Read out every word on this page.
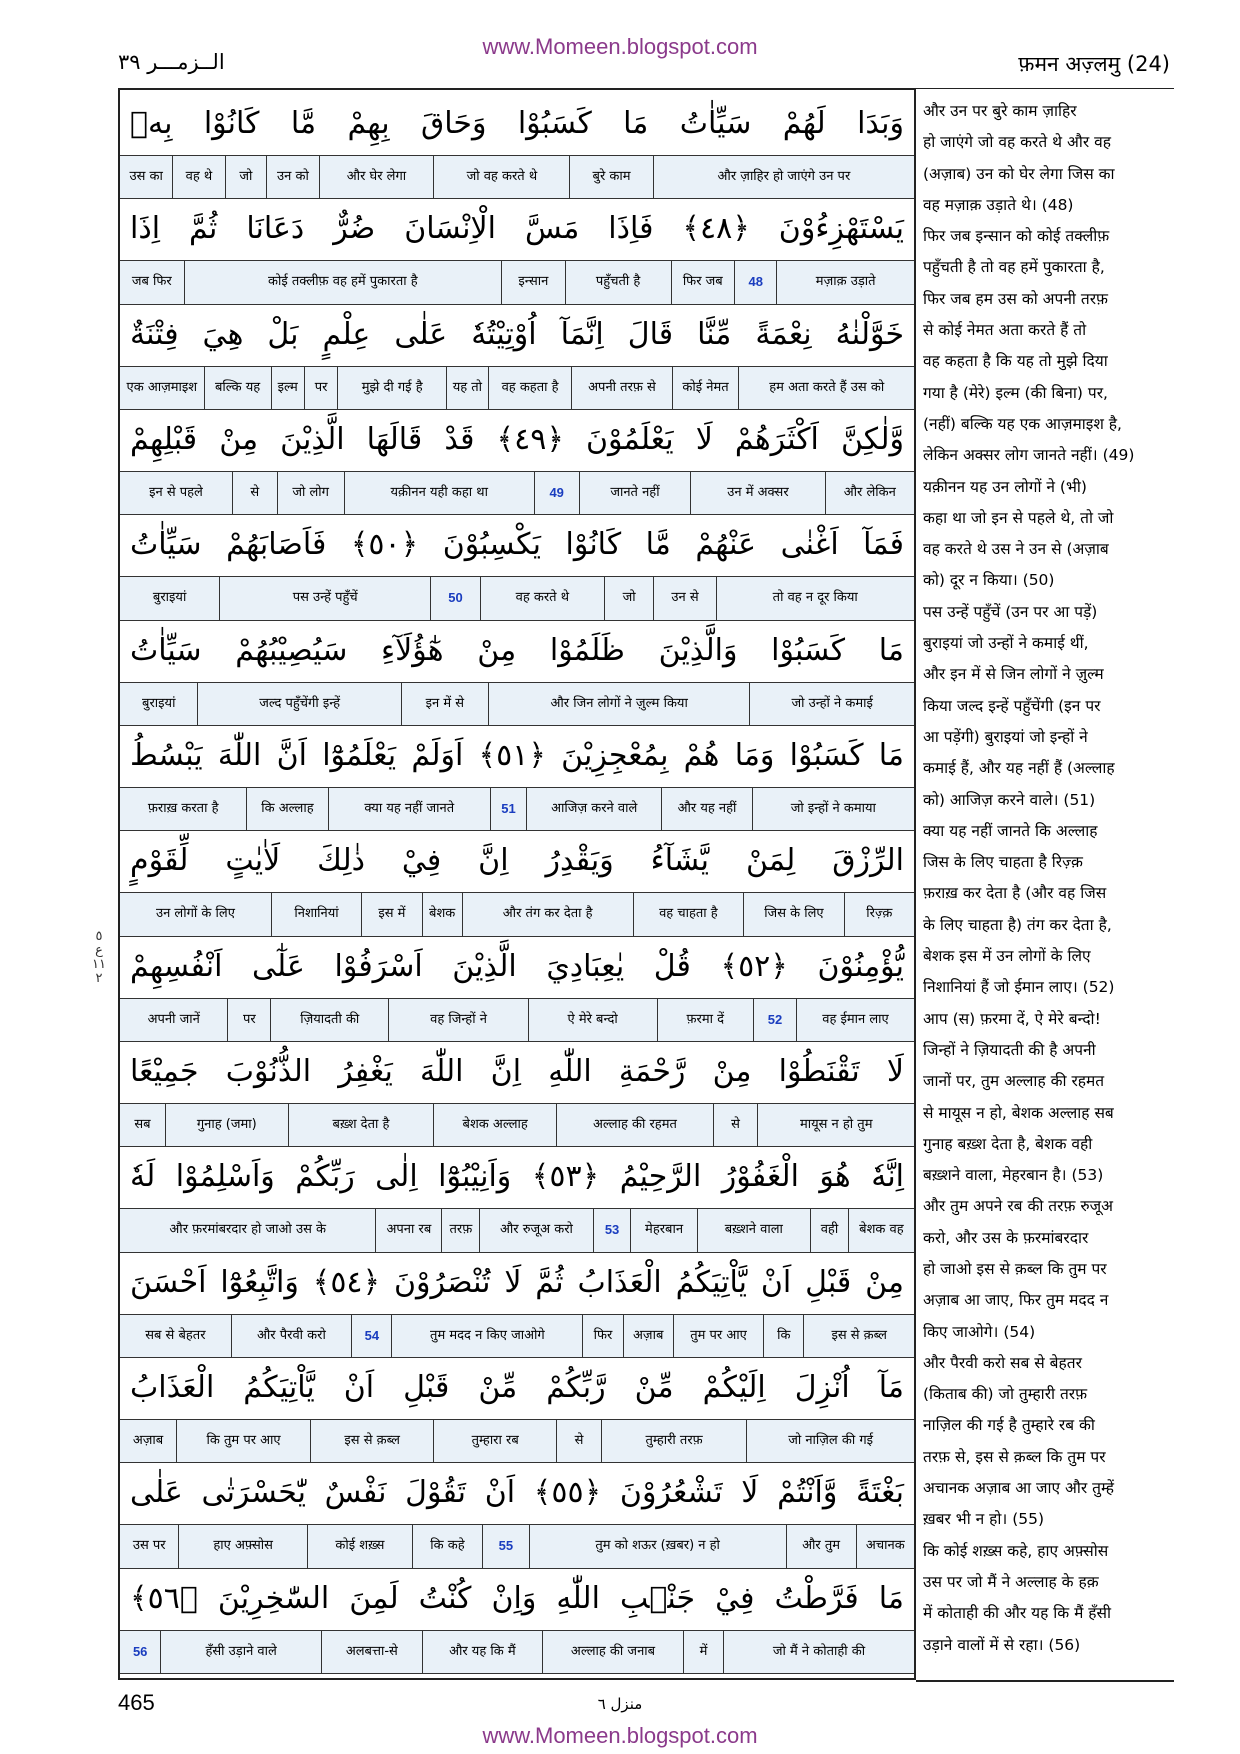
www.Momeen.blogspot.com
الــزمـــر ٣٩	फ़मन अज़्लमु (24)
وَبَدَا لَهُمْ سَيِّاٰتُ مَا كَسَبُوْا وَحَاقَ بِهِمْ مَّا كَانُوْا بِهٖ
और ज़ाहिर हो जाएंगे उन पर
बुरे काम
जो वह करते थे
और घेर लेगा
उन को
जो
वह थे
उस का
يَسْتَهْزِءُوْنَ ﴿٤٨﴾ فَاِذَا مَسَّ الْاِنْسَانَ ضُرٌّ دَعَانَا ثُمَّ اِذَا
मज़ाक़ उड़ाते
48
फिर जब
पहुँचती है
इन्सान
कोई तक्लीफ़ वह हमें पुकारता है
जब फिर
خَوَّلْنٰهُ نِعْمَةً مِّنَّا قَالَ اِنَّمَآ اُوْتِيْتُهٗ عَلٰى عِلْمٍ بَلْ هِيَ فِتْنَةٌ
हम अता करते हैं उस को
कोई नेमत
अपनी तरफ़ से
वह कहता है
यह तो
मुझे दी गई है
पर
इल्म
बल्कि यह
एक आज़माइश
وَّلٰكِنَّ اَكْثَرَهُمْ لَا يَعْلَمُوْنَ ﴿٤٩﴾ قَدْ قَالَهَا الَّذِيْنَ مِنْ قَبْلِهِمْ
और लेकिन
उन में अक्सर
जानते नहीं
49
यक़ीनन यही कहा था
जो लोग
से
इन से पहले
فَمَآ اَغْنٰى عَنْهُمْ مَّا كَانُوْا يَكْسِبُوْنَ ﴿٥٠﴾ فَاَصَابَهُمْ سَيِّاٰتُ
तो वह न दूर किया
उन से
जो
वह करते थे
50
पस उन्हें पहुँचें
बुराइयां
مَا كَسَبُوْا وَالَّذِيْنَ ظَلَمُوْا مِنْ هٰٓؤُلَآءِ سَيُصِيْبُهُمْ سَيِّاٰتُ
जो उन्हों ने कमाई
और जिन लोगों ने ज़ुल्म किया
इन में से
जल्द पहुँचेंगी इन्हें
बुराइयां
مَا كَسَبُوْا وَمَا هُمْ بِمُعْجِزِيْنَ ﴿٥١﴾ اَوَلَمْ يَعْلَمُوْٓا اَنَّ اللّٰهَ يَبْسُطُ
जो इन्हों ने कमाया
और यह नहीं
आजिज़ करने वाले
51
क्या यह नहीं जानते
कि अल्लाह
फ़राख़ करता है
الرِّزْقَ لِمَنْ يَّشَآءُ وَيَقْدِرُ اِنَّ فِيْ ذٰلِكَ لَاٰيٰتٍ لِّقَوْمٍ
रिज़्क़
जिस के लिए
वह चाहता है
और तंग कर देता है
बेशक
इस में
निशानियां
उन लोगों के लिए
يُّؤْمِنُوْنَ ﴿٥٢﴾ قُلْ يٰعِبَادِيَ الَّذِيْنَ اَسْرَفُوْا عَلٰٓى اَنْفُسِهِمْ
वह ईमान लाए
52
फ़रमा दें
ऐ मेरे बन्दो
वह जिन्हों ने
ज़ियादती की
पर
अपनी जानें
لَا تَقْنَطُوْا مِنْ رَّحْمَةِ اللّٰهِ اِنَّ اللّٰهَ يَغْفِرُ الذُّنُوْبَ جَمِيْعًا
मायूस न हो तुम
से
अल्लाह की रहमत
बेशक अल्लाह
बख़्श देता है
गुनाह (जमा)
सब
اِنَّهٗ هُوَ الْغَفُوْرُ الرَّحِيْمُ ﴿٥٣﴾ وَاَنِيْبُوْٓا اِلٰى رَبِّكُمْ وَاَسْلِمُوْا لَهٗ
बेशक वह
वही
बख़्शने वाला
मेहरबान
53
और रुजूअ करो
तरफ़
अपना रब
और फ़रमांबरदार हो जाओ उस के
مِنْ قَبْلِ اَنْ يَّاْتِيَكُمُ الْعَذَابُ ثُمَّ لَا تُنْصَرُوْنَ ﴿٥٤﴾ وَاتَّبِعُوْٓا اَحْسَنَ
इस से क़ब्ल
कि
तुम पर आए
अज़ाब
फिर
तुम मदद न किए जाओगे
54
और पैरवी करो
सब से बेहतर
مَآ اُنْزِلَ اِلَيْكُمْ مِّنْ رَّبِّكُمْ مِّنْ قَبْلِ اَنْ يَّاْتِيَكُمُ الْعَذَابُ
जो नाज़िल की गई
तुम्हारी तरफ़
से
तुम्हारा रब
इस से क़ब्ल
कि तुम पर आए
अज़ाब
بَغْتَةً وَّاَنْتُمْ لَا تَشْعُرُوْنَ ﴿٥٥﴾ اَنْ تَقُوْلَ نَفْسٌ يّٰحَسْرَتٰى عَلٰى
अचानक
और तुम
तुम को शऊर (ख़बर) न हो
55
कि कहे
कोई शख़्स
हाए अफ़्सोस
उस पर
مَا فَرَّطْتُ فِيْ جَنْۢبِ اللّٰهِ وَاِنْ كُنْتُ لَمِنَ السّٰخِرِيْنَ ﴿٥٦﴾
जो मैं ने कोताही की
में
अल्लाह की जनाब
और यह कि मैं
अलबत्ता-से
हँसी उड़ाने वाले
56
٥
ع
١١
٢
और उन पर बुरे काम ज़ाहिर
हो जाएंगे जो वह करते थे और वह
(अज़ाब) उन को घेर लेगा जिस का
वह मज़ाक़ उड़ाते थे। (48)
फिर जब इन्सान को कोई तक्लीफ़
पहुँचती है तो वह हमें पुकारता है,
फिर जब हम उस को अपनी तरफ़
से कोई नेमत अता करते हैं तो
वह कहता है कि यह तो मुझे दिया
गया है (मेरे) इल्म (की बिना) पर,
(नहीं) बल्कि यह एक आज़माइश है,
लेकिन अक्सर लोग जानते नहीं। (49)
यक़ीनन यह उन लोगों ने (भी)
कहा था जो इन से पहले थे, तो जो
वह करते थे उस ने उन से (अज़ाब
को) दूर न किया। (50)
पस उन्हें पहुँचें (उन पर आ पड़ें)
बुराइयां जो उन्हों ने कमाई थीं,
और इन में से जिन लोगों ने ज़ुल्म
किया जल्द इन्हें पहुँचेंगी (इन पर
आ पड़ेंगी) बुराइयां जो इन्हों ने
कमाई हैं, और यह नहीं हैं (अल्लाह
को) आजिज़ करने वाले। (51)
क्या यह नहीं जानते कि अल्लाह
जिस के लिए चाहता है रिज़्क़
फ़राख़ कर देता है (और वह जिस
के लिए चाहता है) तंग कर देता है,
बेशक इस में उन लोगों के लिए
निशानियां हैं जो ईमान लाए। (52)
आप (स) फ़रमा दें, ऐ मेरे बन्दो!
जिन्हों ने ज़ियादती की है अपनी
जानों पर, तुम अल्लाह की रहमत
से मायूस न हो, बेशक अल्लाह सब
गुनाह बख़्श देता है, बेशक वही
बख़्शने वाला, मेहरबान है। (53)
और तुम अपने रब की तरफ़ रुजूअ
करो, और उस के फ़रमांबरदार
हो जाओ इस से क़ब्ल कि तुम पर
अज़ाब आ जाए, फिर तुम मदद न
किए जाओगे। (54)
और पैरवी करो सब से बेहतर
(किताब की) जो तुम्हारी तरफ़
नाज़िल की गई है तुम्हारे रब की
तरफ़ से, इस से क़ब्ल कि तुम पर
अचानक अज़ाब आ जाए और तुम्हें
ख़बर भी न हो। (55)
कि कोई शख़्स कहे, हाए अफ़्सोस
उस पर जो मैं ने अल्लाह के हक़
में कोताही की और यह कि मैं हँसी
उड़ाने वालों में से रहा। (56)
465	منزل ٦
www.Momeen.blogspot.com
